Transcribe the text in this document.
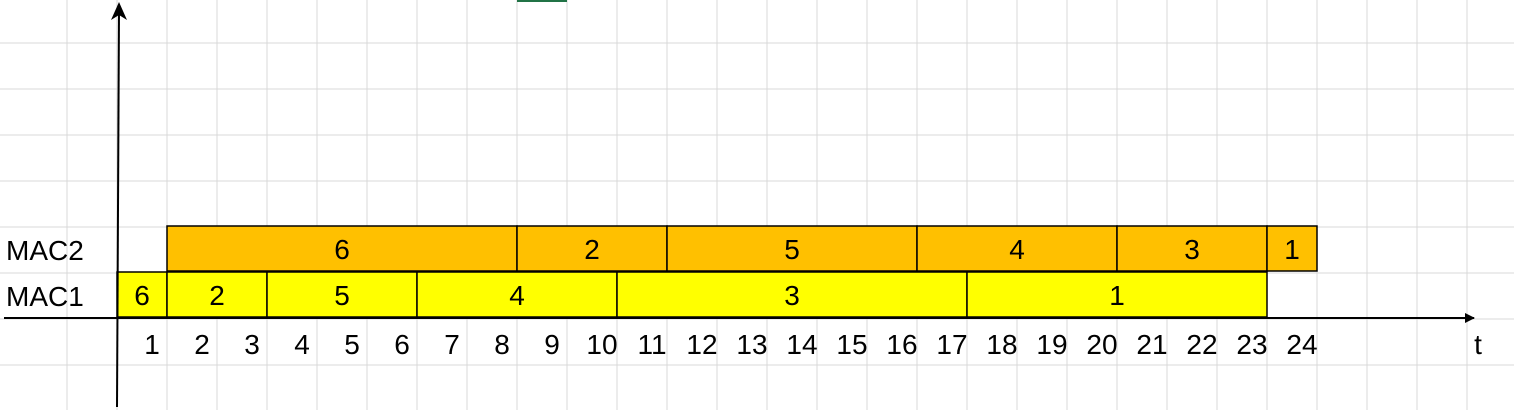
6	2	5	4	3	1
6 2	5	4	3	1
MAC2
MAC1
1 2 3 4 5 6 7 8 9 10 11 12 13 14 15 16 17 18 19 20 21 22 23 24	t
